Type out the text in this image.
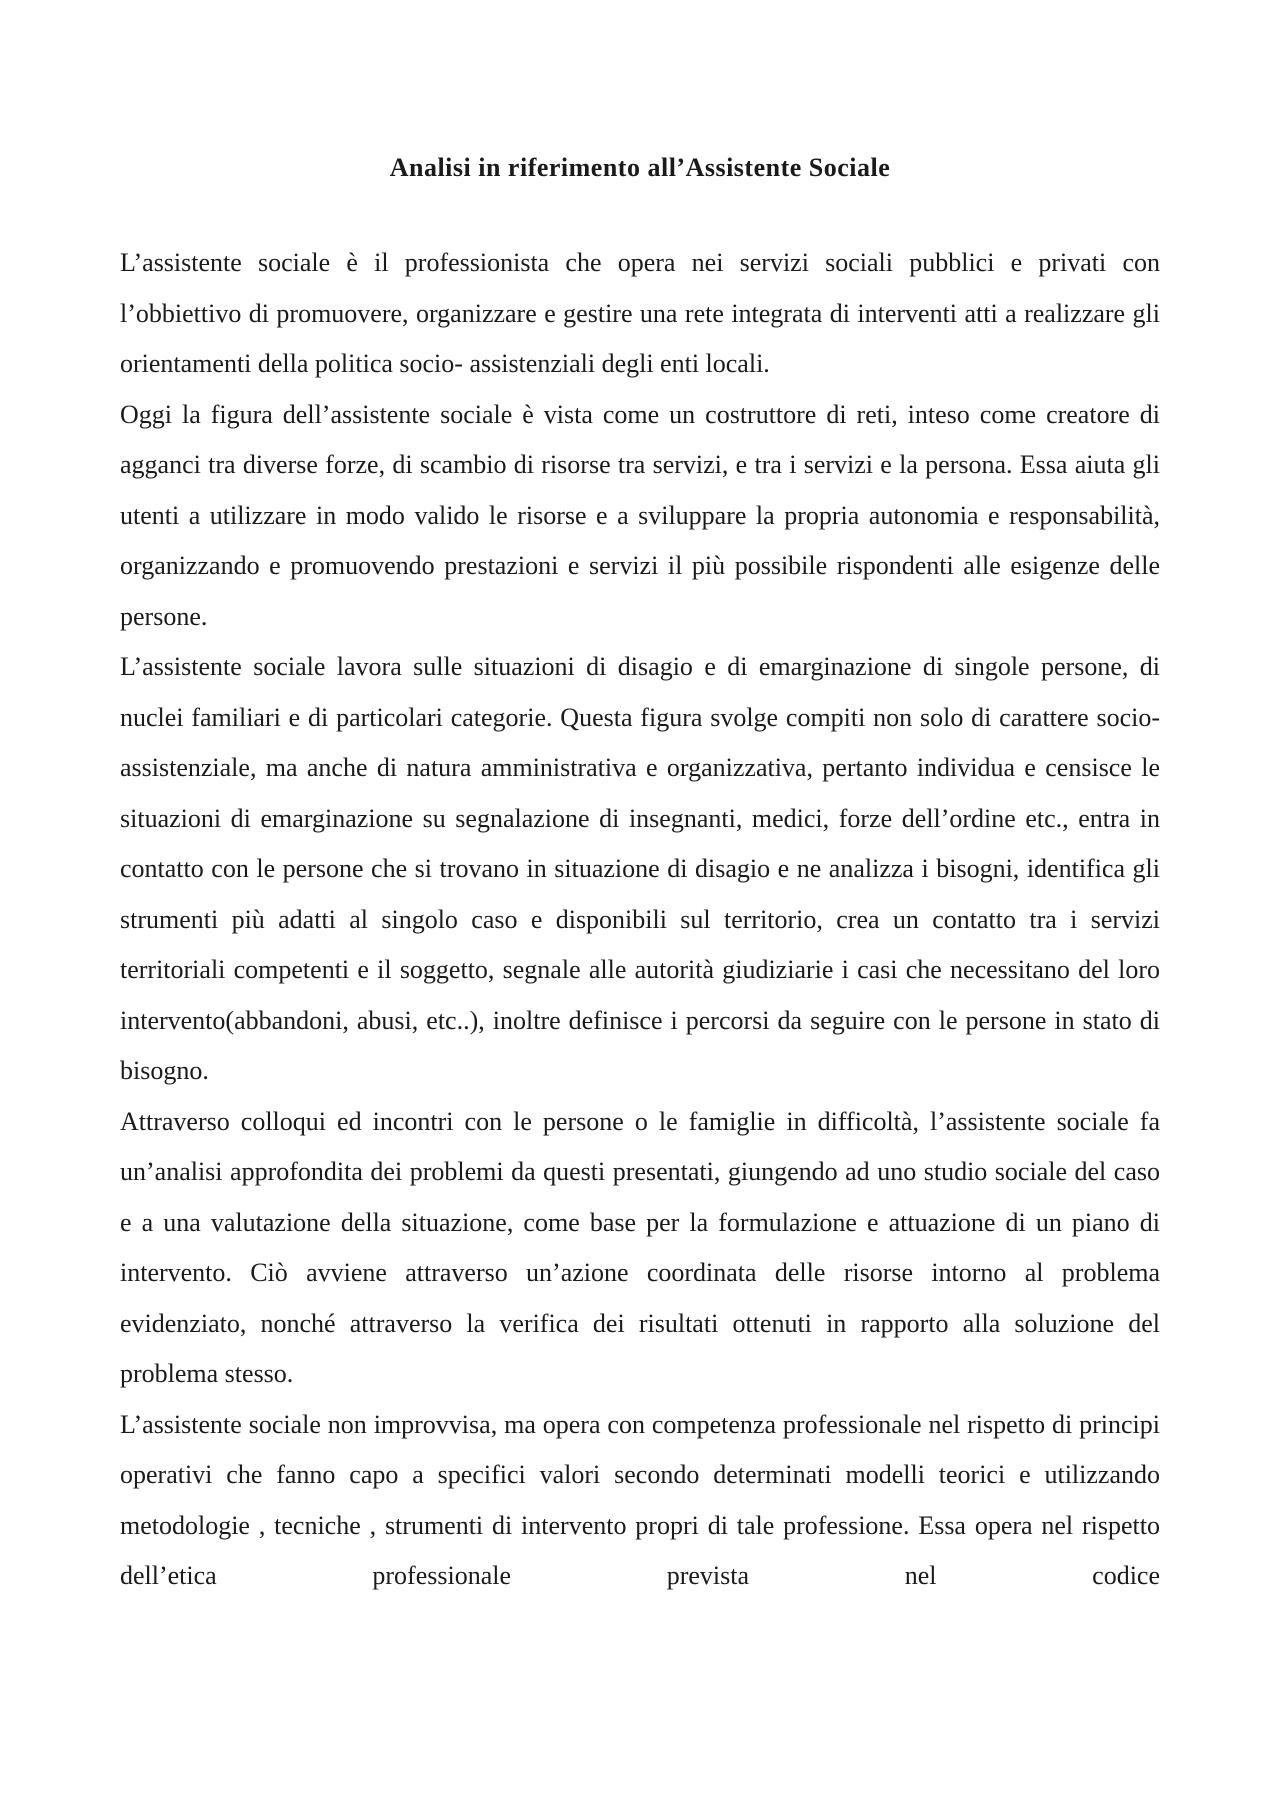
Analisi in riferimento all’Assistente Sociale

L’assistente sociale è il professionista che opera nei servizi sociali pubblici e privati con l’obbiettivo di promuovere, organizzare e gestire una rete integrata di interventi atti a realizzare gli orientamenti della politica socio- assistenziali degli enti locali.

Oggi la figura dell’assistente sociale è vista come un costruttore di reti, inteso come creatore di agganci tra diverse forze, di scambio di risorse tra servizi, e tra i servizi e la persona. Essa aiuta gli utenti a utilizzare in modo valido le risorse e a sviluppare la propria autonomia e responsabilità, organizzando e promuovendo prestazioni e servizi il più possibile rispondenti alle esigenze delle persone.

L’assistente sociale lavora sulle situazioni di disagio e di emarginazione di singole persone, di nuclei familiari e di particolari categorie. Questa figura svolge compiti non solo di carattere socio- assistenziale, ma anche di natura amministrativa e organizzativa, pertanto individua e censisce le situazioni di emarginazione su segnalazione di insegnanti, medici, forze dell’ordine etc., entra in contatto con le persone che si trovano in situazione di disagio e ne analizza i bisogni, identifica gli strumenti più adatti al singolo caso e disponibili sul territorio, crea un contatto tra i servizi territoriali competenti e il soggetto, segnale alle autorità giudiziarie i casi che necessitano del loro intervento(abbandoni, abusi, etc..), inoltre definisce i percorsi da seguire con le persone in stato di bisogno.

Attraverso colloqui ed incontri con le persone o le famiglie in difficoltà, l’assistente sociale fa un’analisi approfondita dei problemi da questi presentati, giungendo ad uno studio sociale del caso e a una valutazione della situazione, come base per la formulazione e attuazione di un piano di intervento. Ciò avviene attraverso un’azione coordinata delle risorse intorno al problema evidenziato, nonché attraverso la verifica dei risultati ottenuti in rapporto alla soluzione del problema stesso.

L’assistente sociale non improvvisa, ma opera con competenza professionale nel rispetto di principi operativi che fanno capo a specifici valori secondo determinati modelli teorici e utilizzando metodologie , tecniche , strumenti di intervento propri di tale professione. Essa opera nel rispetto dell’etica professionale prevista nel codice
